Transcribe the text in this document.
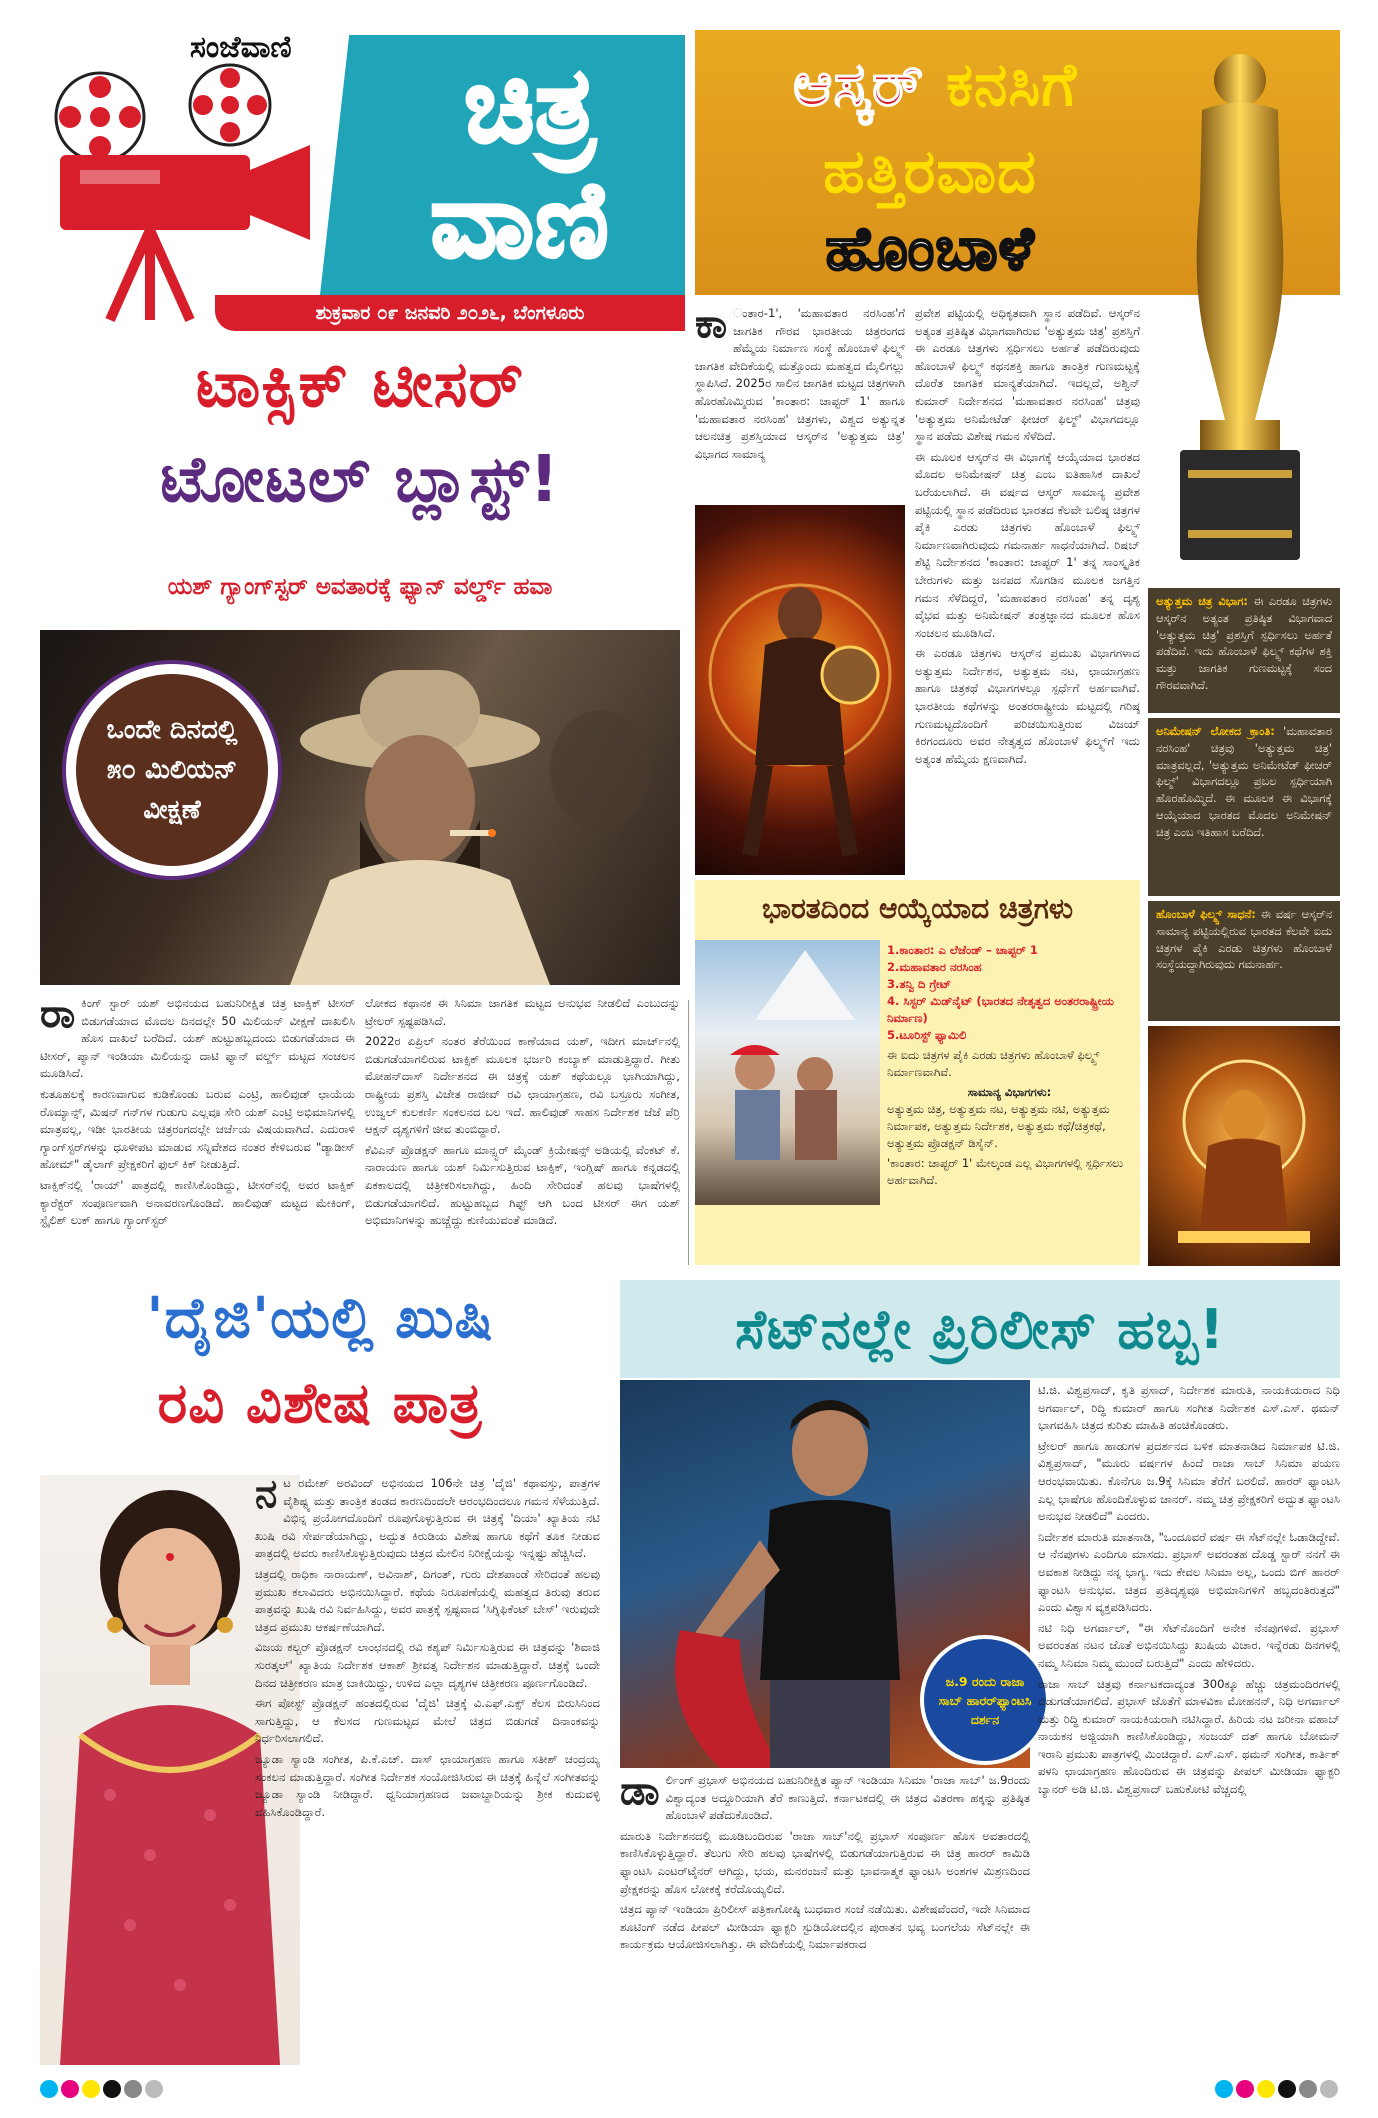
ಸಂಜೆವಾಣಿ	ಚಿತ್ರ
ವಾಣಿ
ಶುಕ್ರವಾರ ೦೯ ಜನವರಿ ೨೦೨೬, ಬೆಂಗಳೂರು
ಟಾಕ್ಸಿಕ್ ಟೀಸರ್
ಟೋಟಲ್ ಬ್ಲಾಸ್ಟ್!
ಯಶ್ ಗ್ಯಾಂಗ್‌ಸ್ಟರ್ ಅವತಾರಕ್ಕೆ ಫ್ಯಾನ್ ವರ್ಲ್ಡ್ ಹವಾ
ಒಂದೇ ದಿನದಲ್ಲಿ ೫೦ ಮಿಲಿಯನ್ ವೀಕ್ಷಣೆ
ರಾ ಕಿಂಗ್ ಸ್ಟಾರ್ ಯಶ್ ಅಭಿನಯದ ಬಹುನಿರೀಕ್ಷಿತ ಚಿತ್ರ ಟಾಕ್ಸಿಕ್ ಟೀಸರ್ ಬಿಡುಗಡೆಯಾದ ಮೊದಲ ದಿನದಲ್ಲೇ 50 ಮಿಲಿಯನ್ ವೀಕ್ಷಣೆ ದಾಖಲಿಸಿ ಹೊಸ ದಾಖಲೆ ಬರೆದಿದೆ. ಯಶ್ ಹುಟ್ಟುಹಬ್ಬದಂದು ಬಿಡುಗಡೆಯಾದ ಈ ಟೀಸರ್, ಪ್ಯಾನ್ ಇಂಡಿಯಾ ಮಿಲಿಯನ್ನು ದಾಟಿ ಫ್ಯಾನ್ ವರ್ಲ್ಡ್ ಮಟ್ಟದ ಸಂಚಲನ ಮೂಡಿಸಿದೆ.

ಕುತೂಹಲಕ್ಕೆ ಕಾರಣವಾಗುವ ಕುಡಿಕೊಂಡು ಬರುವ ಎಂಟ್ರಿ, ಹಾಲಿವುಡ್ ಛಾಯೆಯ ರೊಮ್ಯಾನ್ಸ್, ಮಿಷನ್ ಗನ್‌ಗಳ ಗುಡುಗು ಎಲ್ಲವೂ ಸೇರಿ ಯಶ್ ಎಂಟ್ರಿ ಅಭಿಮಾನಿಗಳಲ್ಲಿ ಮಾತ್ರವಲ್ಲ, ಇಡೀ ಭಾರತೀಯ ಚಿತ್ರರಂಗದಲ್ಲೇ ಚರ್ಚೆಯ ವಿಷಯವಾಗಿದೆ. ಎದುರಾಳಿ ಗ್ಯಾಂಗ್‌ಸ್ಟರ್‌ಗಳನ್ನು ಧೂಳೀಪಟ ಮಾಡುವ ಸನ್ನಿವೇಶದ ನಂತರ ಕೇಳಿಬರುವ "ಡ್ಯಾಡೀಸ್ ಹೋಮ್" ಡೈಲಾಗ್ ಪ್ರೇಕ್ಷಕರಿಗೆ ಫುಲ್ ಕಿಕ್ ನೀಡುತ್ತಿದೆ.

ಟಾಕ್ಸಿಕ್‌ನಲ್ಲಿ 'ರಾಯ್' ಪಾತ್ರದಲ್ಲಿ ಕಾಣಿಸಿಕೊಂಡಿದ್ದು, ಟೀಸರ್‌ನಲ್ಲಿ ಅವರ ಟಾಕ್ಸಿಕ್ ಕ್ಯಾರೆಕ್ಟರ್ ಸಂಪೂರ್ಣವಾಗಿ ಅನಾವರಣಗೊಂಡಿದೆ. ಹಾಲಿವುಡ್ ಮಟ್ಟದ ಮೇಕಿಂಗ್, ಸ್ಟೈಲಿಶ್ ಲುಕ್ ಹಾಗೂ ಗ್ಯಾಂಗ್‌ಸ್ಟರ್

ಲೋಕದ ಕಥಾನಕ ಈ ಸಿನಿಮಾ ಜಾಗತಿಕ ಮಟ್ಟದ ಅನುಭವ ನೀಡಲಿದೆ ಎಂಬುದನ್ನು ಟ್ರೇಲರ್ ಸ್ಪಷ್ಟಪಡಿಸಿದೆ.

2022ರ ಏಪ್ರಿಲ್ ನಂತರ ತೆರೆಯಿಂದ ಕಾಣೆಯಾದ ಯಶ್, ಇದೀಗ ಮಾರ್ಚ್‌ನಲ್ಲಿ ಬಿಡುಗಡೆಯಾಗಲಿರುವ ಟಾಕ್ಸಿಕ್ ಮೂಲಕ ಭರ್ಜರಿ ಕಂಬ್ಯಾಕ್ ಮಾಡುತ್ತಿದ್ದಾರೆ. ಗೀತು ಮೋಹನ್‌ದಾಸ್ ನಿರ್ದೇಶನದ ಈ ಚಿತ್ರಕ್ಕೆ ಯಶ್ ಕಥೆಯಲ್ಲೂ ಭಾಗಿಯಾಗಿದ್ದು, ರಾಷ್ಟ್ರೀಯ ಪ್ರಶಸ್ತಿ ವಿಜೇತ ರಾಜೀವ್ ರವಿ ಛಾಯಾಗ್ರಹಣ, ರವಿ ಬಸ್ರೂರು ಸಂಗೀತ, ಉಜ್ವಲ್ ಕುಲಕರ್ಣಿ ಸಂಕಲನದ ಬಲ ಇದೆ. ಹಾಲಿವುಡ್ ಸಾಹಸ ನಿರ್ದೇಶಕ ಜೆಜೆ ಪೆರ್ರಿ ಆಕ್ಷನ್ ದೃಶ್ಯಗಳಿಗೆ ಜೀವ ತುಂಬಿದ್ದಾರೆ.

ಕೆವಿಎನ್ ಪ್ರೊಡಕ್ಷನ್ ಹಾಗೂ ಮಾನ್ಸ್ಟರ್ ಮೈಂಡ್ ಕ್ರಿಯೇಷನ್ಸ್ ಅಡಿಯಲ್ಲಿ ವೆಂಕಟ್ ಕೆ. ನಾರಾಯಣ ಹಾಗೂ ಯಶ್ ನಿರ್ಮಿಸುತ್ತಿರುವ ಟಾಕ್ಸಿಕ್, ಇಂಗ್ಲಿಷ್ ಹಾಗೂ ಕನ್ನಡದಲ್ಲಿ ಏಕಕಾಲದಲ್ಲಿ ಚಿತ್ರೀಕರಿಸಲಾಗಿದ್ದು, ಹಿಂದಿ ಸೇರಿದಂತೆ ಹಲವು ಭಾಷೆಗಳಲ್ಲಿ ಬಿಡುಗಡೆಯಾಗಲಿದೆ. ಹುಟ್ಟುಹಬ್ಬದ ಗಿಫ್ಟ್ ಆಗಿ ಬಂದ ಟೀಸರ್ ಈಗ ಯಶ್ ಅಭಿಮಾನಿಗಳನ್ನು ಹುಚ್ಚೆದ್ದು ಕುಣಿಯುವಂತೆ ಮಾಡಿದೆ.

ಆಸ್ಕರ್ ಕನಸಿಗೆ
ಹತ್ತಿರವಾದ
ಹೊಂಬಾಳೆ
ಕಾ ಂತಾರ-1', 'ಮಹಾವತಾರ ನರಸಿಂಹ'ಗೆ ಜಾಗತಿಕ ಗೌರವ ಭಾರತೀಯ ಚಿತ್ರರಂಗದ ಹೆಮ್ಮೆಯ ನಿರ್ಮಾಣ ಸಂಸ್ಥೆ ಹೊಂಬಾಳೆ ಫಿಲ್ಮ್ಸ್ ಜಾಗತಿಕ ವೇದಿಕೆಯಲ್ಲಿ ಮತ್ತೊಂದು ಮಹತ್ವದ ಮೈಲಿಗಲ್ಲು ಸ್ಥಾಪಿಸಿದೆ. 2025ರ ಸಾಲಿನ ಜಾಗತಿಕ ಮಟ್ಟದ ಚಿತ್ರಗಳಾಗಿ ಹೊರಹೊಮ್ಮಿರುವ 'ಕಾಂತಾರ: ಚಾಪ್ಟರ್ 1' ಹಾಗೂ 'ಮಹಾವತಾರ ನರಸಿಂಹ' ಚಿತ್ರಗಳು, ವಿಶ್ವದ ಅತ್ಯುನ್ನತ ಚಲನಚಿತ್ರ ಪ್ರಶಸ್ತಿಯಾದ ಆಸ್ಕರ್‌ನ 'ಅತ್ಯುತ್ತಮ ಚಿತ್ರ' ವಿಭಾಗದ ಸಾಮಾನ್ಯ

ಪ್ರವೇಶ ಪಟ್ಟಿಯಲ್ಲಿ ಅಧಿಕೃತವಾಗಿ ಸ್ಥಾನ ಪಡೆದಿವೆ. ಆಸ್ಕರ್‌ನ ಅತ್ಯಂತ ಪ್ರತಿಷ್ಠಿತ ವಿಭಾಗವಾಗಿರುವ 'ಅತ್ಯುತ್ತಮ ಚಿತ್ರ' ಪ್ರಶಸ್ತಿಗೆ ಈ ಎರಡೂ ಚಿತ್ರಗಳು ಸ್ಪರ್ಧಿಸಲು ಅರ್ಹತೆ ಪಡೆದಿರುವುದು ಹೊಂಬಾಳೆ ಫಿಲ್ಮ್ಸ್ ಕಥನಶಕ್ತಿ ಹಾಗೂ ತಾಂತ್ರಿಕ ಗುಣಮಟ್ಟಕ್ಕೆ ದೊರೆತ ಜಾಗತಿಕ ಮಾನ್ಯತೆಯಾಗಿದೆ. ಇದಲ್ಲದೆ, ಅಶ್ವಿನ್ ಕುಮಾರ್ ನಿರ್ದೇಶನದ 'ಮಹಾವತಾರ ನರಸಿಂಹ' ಚಿತ್ರವು 'ಅತ್ಯುತ್ತಮ ಅನಿಮೇಟೆಡ್ ಫೀಚರ್ ಫಿಲ್ಮ್' ವಿಭಾಗದಲ್ಲೂ ಸ್ಥಾನ ಪಡೆದು ವಿಶೇಷ ಗಮನ ಸೆಳೆದಿದೆ.

ಈ ಮೂಲಕ ಆಸ್ಕರ್‌ನ ಈ ವಿಭಾಗಕ್ಕೆ ಆಯ್ಕೆಯಾದ ಭಾರತದ ಮೊದಲ ಅನಿಮೇಷನ್ ಚಿತ್ರ ಎಂಬ ಐತಿಹಾಸಿಕ ದಾಖಲೆ ಬರೆಯಲಾಗಿದೆ. ಈ ವರ್ಷದ ಆಸ್ಕರ್ ಸಾಮಾನ್ಯ ಪ್ರವೇಶ ಪಟ್ಟಿಯಲ್ಲಿ ಸ್ಥಾನ ಪಡೆದಿರುವ ಭಾರತದ ಕೆಲವೇ ಬಲಿಷ್ಠ ಚಿತ್ರಗಳ ಪೈಕಿ ಎರಡು ಚಿತ್ರಗಳು ಹೊಂಬಾಳೆ ಫಿಲ್ಮ್ಸ್ ನಿರ್ಮಾಣವಾಗಿರುವುದು ಗಮನಾರ್ಹ ಸಾಧನೆಯಾಗಿದೆ. ರಿಷಬ್ ಶೆಟ್ಟಿ ನಿರ್ದೇಶನದ 'ಕಾಂತಾರ: ಚಾಪ್ಟರ್ 1' ತನ್ನ ಸಾಂಸ್ಕೃತಿಕ ಬೇರುಗಳು ಮತ್ತು ಜನಪದ ಸೊಗಡಿನ ಮೂಲಕ ಜಗತ್ತಿನ ಗಮನ ಸೆಳೆದಿದ್ದರೆ, 'ಮಹಾವತಾರ ನರಸಿಂಹ' ತನ್ನ ದೃಶ್ಯ ವೈಭವ ಮತ್ತು ಅನಿಮೇಷನ್ ತಂತ್ರಜ್ಞಾನದ ಮೂಲಕ ಹೊಸ ಸಂಚಲನ ಮೂಡಿಸಿದೆ.

ಈ ಎರಡೂ ಚಿತ್ರಗಳು ಆಸ್ಕರ್‌ನ ಪ್ರಮುಖ ವಿಭಾಗಗಳಾದ ಅತ್ಯುತ್ತಮ ನಿರ್ದೇಶನ, ಅತ್ಯುತ್ತಮ ನಟ, ಛಾಯಾಗ್ರಹಣ ಹಾಗೂ ಚಿತ್ರಕಥೆ ವಿಭಾಗಗಳಲ್ಲೂ ಸ್ಪರ್ಧೆಗೆ ಅರ್ಹವಾಗಿವೆ. ಭಾರತೀಯ ಕಥೆಗಳನ್ನು ಅಂತರರಾಷ್ಟ್ರೀಯ ಮಟ್ಟದಲ್ಲಿ ಗರಿಷ್ಠ ಗುಣಮಟ್ಟದೊಂದಿಗೆ ಪರಿಚಯಿಸುತ್ತಿರುವ ವಿಜಯ್ ಕಿರಗಂದೂರು ಅವರ ನೇತೃತ್ವದ ಹೊಂಬಾಳೆ ಫಿಲ್ಮ್ಸ್‌ಗೆ ಇದು ಅತ್ಯಂತ ಹೆಮ್ಮೆಯ ಕ್ಷಣವಾಗಿದೆ.

ಅತ್ಯುತ್ತಮ ಚಿತ್ರ ವಿಭಾಗ: ಈ ಎರಡೂ ಚಿತ್ರಗಳು ಆಸ್ಕರ್‌ನ ಅತ್ಯಂತ ಪ್ರತಿಷ್ಠಿತ ವಿಭಾಗವಾದ 'ಅತ್ಯುತ್ತಮ ಚಿತ್ರ' ಪ್ರಶಸ್ತಿಗೆ ಸ್ಪರ್ಧಿಸಲು ಅರ್ಹತೆ ಪಡೆದಿವೆ. ಇದು ಹೊಂಬಾಳೆ ಫಿಲ್ಮ್ಸ್ ಕಥೆಗಳ ಶಕ್ತಿ ಮತ್ತು ಜಾಗತಿಕ ಗುಣಮಟ್ಟಕ್ಕೆ ಸಂದ ಗೌರವವಾಗಿದೆ.
ಅನಿಮೇಷನ್ ಲೋಕದ ಕ್ರಾಂತಿ: 'ಮಹಾವತಾರ ನರಸಿಂಹ' ಚಿತ್ರವು 'ಅತ್ಯುತ್ತಮ ಚಿತ್ರ' ಮಾತ್ರವಲ್ಲದೆ, 'ಅತ್ಯುತ್ತಮ ಅನಿಮೇಟೆಡ್ ಫೀಚರ್ ಫಿಲ್ಮ್' ವಿಭಾಗದಲ್ಲೂ ಪ್ರಬಲ ಸ್ಪರ್ಧಿಯಾಗಿ ಹೊರಹೊಮ್ಮಿದೆ. ಈ ಮೂಲಕ ಈ ವಿಭಾಗಕ್ಕೆ ಆಯ್ಕೆಯಾದ ಭಾರತದ ಮೊದಲ ಅನಿಮೇಷನ್ ಚಿತ್ರ ಎಂಬ ಇತಿಹಾಸ ಬರೆದಿದೆ.
ಹೊಂಬಾಳೆ ಫಿಲ್ಮ್ಸ್ ಸಾಧನೆ: ಈ ವರ್ಷ ಆಸ್ಕರ್‌ನ ಸಾಮಾನ್ಯ ಪಟ್ಟಿಯಲ್ಲಿರುವ ಭಾರತದ ಕೆಲವೇ ಐದು ಚಿತ್ರಗಳ ಪೈಕಿ ಎರಡು ಚಿತ್ರಗಳು ಹೊಂಬಾಳೆ ಸಂಸ್ಥೆಯದ್ದಾಗಿರುವುದು ಗಮನಾರ್ಹ.
ಭಾರತದಿಂದ ಆಯ್ಕೆಯಾದ ಚಿತ್ರಗಳು
1.ಕಾಂತಾರ: ಎ ಲೆಜೆಂಡ್ – ಚಾಪ್ಟರ್ 1
2.ಮಹಾವತಾರ ನರಸಿಂಹ
3.ತನ್ವಿ ದಿ ಗ್ರೇಟ್
4. ಸಿಸ್ಟರ್ ಮಿಡ್‌ನೈಟ್ (ಭಾರತದ ನೇತೃತ್ವದ ಅಂತರರಾಷ್ಟ್ರೀಯ ನಿರ್ಮಾಣ)
5.ಟೂರಿಸ್ಟ್ ಫ್ಯಾಮಿಲಿ
ಈ ಐದು ಚಿತ್ರಗಳ ಪೈಕಿ ಎರಡು ಚಿತ್ರಗಳು ಹೊಂಬಾಳೆ ಫಿಲ್ಮ್ಸ್ ನಿರ್ಮಾಣವಾಗಿವೆ.
ಸಾಮಾನ್ಯ ವಿಭಾಗಗಳು:
ಅತ್ಯುತ್ತಮ ಚಿತ್ರ, ಅತ್ಯುತ್ತಮ ನಟ, ಅತ್ಯುತ್ತಮ ನಟಿ, ಅತ್ಯುತ್ತಮ ನಿರ್ಮಾಪಕ, ಅತ್ಯುತ್ತಮ ನಿರ್ದೇಶಕ, ಅತ್ಯುತ್ತಮ ಕಥೆ/ಚಿತ್ರಕಥೆ, ಅತ್ಯುತ್ತಮ ಪ್ರೊಡಕ್ಷನ್ ಡಿಸೈನ್.
'ಕಾಂತಾರ: ಚಾಪ್ಟರ್ 1' ಮೇಲ್ಕಂಡ ಎಲ್ಲ ವಿಭಾಗಗಳಲ್ಲಿ ಸ್ಪರ್ಧಿಸಲು ಅರ್ಹವಾಗಿದೆ.
'ದೈಜಿ'ಯಲ್ಲಿ ಖುಷಿ
ರವಿ ವಿಶೇಷ ಪಾತ್ರ
ನ ಟ ರಮೇಶ್ ಅರವಿಂದ್ ಅಭಿನಯದ 106ನೇ ಚಿತ್ರ 'ದೈಜಿ' ಕಥಾವಸ್ತು, ಪಾತ್ರಗಳ ವೈಶಿಷ್ಟ್ಯ ಮತ್ತು ತಾಂತ್ರಿಕ ತಂಡದ ಕಾರಣದಿಂದಲೇ ಆರಂಭದಿಂದಲೂ ಗಮನ ಸೆಳೆಯುತ್ತಿದೆ. ವಿಭಿನ್ನ ಪ್ರಯೋಗದೊಂದಿಗೆ ರೂಪುಗೊಳ್ಳುತ್ತಿರುವ ಈ ಚಿತ್ರಕ್ಕೆ 'ದಿಯಾ' ಖ್ಯಾತಿಯ ನಟಿ ಖುಷಿ ರವಿ ಸೇರ್ಪಡೆಯಾಗಿದ್ದು, ಅದ್ಭುತ ಕಿರುಡಿಯ ವಿಶೇಷ ಹಾಗೂ ಕಥೆಗೆ ತೂಕ ನೀಡುವ ಪಾತ್ರದಲ್ಲಿ ಅವರು ಕಾಣಿಸಿಕೊಳ್ಳುತ್ತಿರುವುದು ಚಿತ್ರದ ಮೇಲಿನ ನಿರೀಕ್ಷೆಯನ್ನು ಇನ್ನಷ್ಟು ಹೆಚ್ಚಿಸಿದೆ.

ಚಿತ್ರದಲ್ಲಿ ರಾಧಿಕಾ ನಾರಾಯಣ್, ಅವಿನಾಶ್, ದಿಗಂತ್, ಗುರು ದೇಶಪಾಂಡೆ ಸೇರಿದಂತೆ ಹಲವು ಪ್ರಮುಖ ಕಲಾವಿದರು ಅಭಿನಯಿಸಿದ್ದಾರೆ. ಕಥೆಯ ನಿರೂಪಣೆಯಲ್ಲಿ ಮಹತ್ವದ ತಿರುವು ತರುವ ಪಾತ್ರವನ್ನು ಖುಷಿ ರವಿ ನಿರ್ವಹಿಸಿದ್ದು, ಅವರ ಪಾತ್ರಕ್ಕೆ ಸ್ಪಷ್ಟವಾದ 'ಸಿಗ್ನಿಫಿಕೆಂಟ್ ಬೇಸ್' ಇರುವುದೇ ಚಿತ್ರದ ಪ್ರಮುಖ ಆಕರ್ಷಣೆಯಾಗಿದೆ.

ವಿಜಯ ಕಲ್ಚರ್ ಪ್ರೊಡಕ್ಷನ್ ಲಾಂಛನದಲ್ಲಿ ರವಿ ಕಶ್ಯಪ್ ನಿರ್ಮಿಸುತ್ತಿರುವ ಈ ಚಿತ್ರವನ್ನು 'ಶಿವಾಜಿ ಸುರತ್ಕಲ್' ಖ್ಯಾತಿಯ ನಿರ್ದೇಶಕ ಆಕಾಶ್ ಶ್ರೀವತ್ಸ ನಿರ್ದೇಶನ ಮಾಡುತ್ತಿದ್ದಾರೆ. ಚಿತ್ರಕ್ಕೆ ಒಂದೇ ದಿನದ ಚಿತ್ರೀಕರಣ ಮಾತ್ರ ಬಾಕಿಯಿದ್ದು, ಉಳಿದ ಎಲ್ಲಾ ದೃಶ್ಯಗಳ ಚಿತ್ರೀಕರಣ ಪೂರ್ಣಗೊಂಡಿದೆ.

ಈಗ ಪೋಸ್ಟ್ ಪ್ರೊಡಕ್ಷನ್ ಹಂತದಲ್ಲಿರುವ 'ದೈಜಿ' ಚಿತ್ರಕ್ಕೆ ವಿ.ಎಫ್.ಎಕ್ಸ್ ಕೆಲಸ ಬಿರುಸಿನಿಂದ ಸಾಗುತ್ತಿದ್ದು, ಆ ಕೆಲಸದ ಗುಣಮಟ್ಟದ ಮೇಲೆ ಚಿತ್ರದ ಬಿಡುಗಡೆ ದಿನಾಂಕವನ್ನು ನಿರ್ಧರಿಸಲಾಗಲಿದೆ.

ಜ್ಯೂಡಾ ಸ್ಯಾಂಡಿ ಸಂಗೀತ, ಪಿ.ಕೆ.ಎಚ್. ದಾಸ್ ಛಾಯಾಗ್ರಹಣ ಹಾಗೂ ಸತೀಶ್ ಚಂದ್ರಯ್ಯ ಸಂಕಲನ ಮಾಡುತ್ತಿದ್ದಾರೆ. ಸಂಗೀತ ನಿರ್ದೇಶಕ ಸಂಯೋಜಿಸಿರುವ ಈ ಚಿತ್ರಕ್ಕೆ ಹಿನ್ನೆಲೆ ಸಂಗೀತವನ್ನು ಜ್ಯೂಡಾ ಸ್ಯಾಂಡಿ ನೀಡಿದ್ದಾರೆ. ಧ್ವನಿಯಾಗ್ರಹಣದ ಜವಾಬ್ದಾರಿಯನ್ನು ಶ್ರೀಕ ಕುದುವಳ್ಳಿ ವಹಿಸಿಕೊಂಡಿದ್ದಾರೆ.

ಸೆಟ್‌ನಲ್ಲೇ ಪ್ರಿರಿಲೀಸ್ ಹಬ್ಬ!
ಜ.9 ರಂದು ರಾಜಾ ಸಾಬ್ ಹಾರರ್‌ಫ್ಯಾಂಟಸಿ ದರ್ಶನ
ಡಾ ರ್ಲಿಂಗ್ ಪ್ರಭಾಸ್ ಅಭಿನಯದ ಬಹುನಿರೀಕ್ಷಿತ ಪ್ಯಾನ್ ಇಂಡಿಯಾ ಸಿನಿಮಾ 'ರಾಜಾ ಸಾಬ್' ಜ.9ರಂದು ವಿಶ್ವಾದ್ಯಂತ ಅದ್ದೂರಿಯಾಗಿ ತೆರೆ ಕಾಣುತ್ತಿದೆ. ಕರ್ನಾಟಕದಲ್ಲಿ ಈ ಚಿತ್ರದ ವಿತರಣಾ ಹಕ್ಕನ್ನು ಪ್ರತಿಷ್ಠಿತ ಹೊಂಬಾಳೆ ಪಡೆದುಕೊಂಡಿದೆ.

ಮಾರುತಿ ನಿರ್ದೇಶನದಲ್ಲಿ ಮೂಡಿಬಂದಿರುವ 'ರಾಜಾ ಸಾಬ್'ನಲ್ಲಿ ಪ್ರಭಾಸ್ ಸಂಪೂರ್ಣ ಹೊಸ ಅವತಾರದಲ್ಲಿ ಕಾಣಿಸಿಕೊಳ್ಳುತ್ತಿದ್ದಾರೆ. ತೆಲುಗು ಸೇರಿ ಹಲವು ಭಾಷೆಗಳಲ್ಲಿ ಬಿಡುಗಡೆಯಾಗುತ್ತಿರುವ ಈ ಚಿತ್ರ ಹಾರರ್ ಕಾಮಿಡಿ ಫ್ಯಾಂಟಸಿ ಎಂಟರ್‌ಟೈನರ್ ಆಗಿದ್ದು, ಭಯ, ಮನರಂಜನೆ ಮತ್ತು ಭಾವನಾತ್ಮಕ ಫ್ಯಾಂಟಸಿ ಅಂಶಗಳ ಮಿಶ್ರಣದಿಂದ ಪ್ರೇಕ್ಷಕರನ್ನು ಹೊಸ ಲೋಕಕ್ಕೆ ಕರೆದೊಯ್ಯಲಿದೆ.

ಚಿತ್ರದ ಪ್ಯಾನ್ ಇಂಡಿಯಾ ಪ್ರಿರಿಲೀಸ್ ಪತ್ರಿಕಾಗೋಷ್ಠಿ ಬುಧವಾರ ಸಂಜೆ ನಡೆಯಿತು. ವಿಶೇಷವೆಂದರೆ, ಇದೇ ಸಿನಿಮಾದ ಶೂಟಿಂಗ್ ನಡೆದ ಪೀಪಲ್ ಮೀಡಿಯಾ ಫ್ಯಾಕ್ಟರಿ ಸ್ಟುಡಿಯೋದಲ್ಲಿನ ಪುರಾತನ ಭವ್ಯ ಬಂಗಲೆಯ ಸೆಟ್‌ನಲ್ಲೇ ಈ ಕಾರ್ಯಕ್ರಮ ಆಯೋಜಿಸಲಾಗಿತ್ತು. ಈ ವೇದಿಕೆಯಲ್ಲಿ ನಿರ್ಮಾಪಕರಾದ

ಟಿ.ಜಿ. ವಿಶ್ವಪ್ರಸಾದ್, ಕೃತಿ ಪ್ರಸಾದ್, ನಿರ್ದೇಶಕ ಮಾರುತಿ, ನಾಯಕಿಯರಾದ ನಿಧಿ ಅಗರ್ವಾಲ್, ರಿದ್ಧಿ ಕುಮಾರ್ ಹಾಗೂ ಸಂಗೀತ ನಿರ್ದೇಶಕ ಎಸ್.ಎಸ್. ಥಮನ್ ಭಾಗವಹಿಸಿ ಚಿತ್ರದ ಕುರಿತು ಮಾಹಿತಿ ಹಂಚಿಕೊಂಡರು.

ಟ್ರೇಲರ್ ಹಾಗೂ ಹಾಡುಗಳ ಪ್ರದರ್ಶನದ ಬಳಿಕ ಮಾತನಾಡಿದ ನಿರ್ಮಾಪಕ ಟಿ.ಜಿ. ವಿಶ್ವಪ್ರಸಾದ್, "ಮೂರು ವರ್ಷಗಳ ಹಿಂದೆ ರಾಜಾ ಸಾಬ್ ಸಿನಿಮಾ ಪಯಣ ಆರಂಭವಾಯಿತು. ಕೊನೆಗೂ ಜ.9ಕ್ಕೆ ಸಿನಿಮಾ ತೆರೆಗೆ ಬರಲಿದೆ. ಹಾರರ್ ಫ್ಯಾಂಟಸಿ ಎಲ್ಲ ಭಾಷೆಗೂ ಹೊಂದಿಕೊಳ್ಳುವ ಜಾನರ್. ನಮ್ಮ ಚಿತ್ರ ಪ್ರೇಕ್ಷಕರಿಗೆ ಅದ್ಭುತ ಫ್ಯಾಂಟಸಿ ಅನುಭವ ನೀಡಲಿದೆ" ಎಂದರು.

ನಿರ್ದೇಶಕ ಮಾರುತಿ ಮಾತನಾಡಿ, "ಒಂದೂವರೆ ವರ್ಷ ಈ ಸೆಟ್‌ನಲ್ಲೇ ಓಡಾಡಿದ್ದೇವೆ. ಆ ನೆನಪುಗಳು ಎಂದಿಗೂ ಮಾಸದು. ಪ್ರಭಾಸ್ ಅವರಂತಹ ದೊಡ್ಡ ಸ್ಟಾರ್ ನನಗೆ ಈ ಅವಕಾಶ ನೀಡಿದ್ದು ನನ್ನ ಭಾಗ್ಯ. ಇದು ಕೇವಲ ಸಿನಿಮಾ ಅಲ್ಲ, ಒಂದು ಬಿಗ್ ಹಾರರ್ ಫ್ಯಾಂಟಸಿ ಅನುಭವ. ಚಿತ್ರದ ಪ್ರತಿದೃಶ್ಯವೂ ಅಭಿಮಾನಿಗಳಿಗೆ ಹಬ್ಬದಂತಿರುತ್ತದೆ" ಎಂದು ವಿಶ್ವಾಸ ವ್ಯಕ್ತಪಡಿಸಿದರು.

ನಟಿ ನಿಧಿ ಅಗರ್ವಾಲ್, "ಈ ಸೆಟ್‌ನೊಂದಿಗೆ ಅನೇಕ ನೆನಪುಗಳಿವೆ. ಪ್ರಭಾಸ್ ಅವರಂತಹ ನಟನ ಜೊತೆ ಅಭಿನಯಿಸಿದ್ದು ಖುಷಿಯ ವಿಚಾರ. ಇನ್ನೆರಡು ದಿನಗಳಲ್ಲಿ ನಮ್ಮ ಸಿನಿಮಾ ನಿಮ್ಮ ಮುಂದೆ ಬರುತ್ತಿದೆ" ಎಂದು ಹೇಳಿದರು.

ರಾಜಾ ಸಾಬ್ ಚಿತ್ರವು ಕರ್ನಾಟಕದಾದ್ಯಂತ 300ಕ್ಕೂ ಹೆಚ್ಚು ಚಿತ್ರಮಂದಿರಗಳಲ್ಲಿ ಬಿಡುಗಡೆಯಾಗಲಿದೆ. ಪ್ರಭಾಸ್ ಜೊತೆಗೆ ಮಾಳವಿಕಾ ಮೋಹನನ್, ನಿಧಿ ಅಗರ್ವಾಲ್ ಮತ್ತು ರಿದ್ಧಿ ಕುಮಾರ್ ನಾಯಕಿಯರಾಗಿ ನಟಿಸಿದ್ದಾರೆ. ಹಿರಿಯ ನಟ ಜರೀನಾ ವಹಾಬ್ ನಾಯಕನ ಅಜ್ಜಿಯಾಗಿ ಕಾಣಿಸಿಕೊಂಡಿದ್ದು, ಸಂಜಯ್ ದತ್ ಹಾಗೂ ಬೋಮನ್ ಇರಾನಿ ಪ್ರಮುಖ ಪಾತ್ರಗಳಲ್ಲಿ ಮಿಂಚಿದ್ದಾರೆ. ಎಸ್.ಎಸ್. ಥಮನ್ ಸಂಗೀತ, ಕಾರ್ತಿಕ್ ಪಳನಿ ಛಾಯಾಗ್ರಹಣ ಹೊಂದಿರುವ ಈ ಚಿತ್ರವನ್ನು ಪೀಪಲ್ ಮೀಡಿಯಾ ಫ್ಯಾಕ್ಟರಿ ಬ್ಯಾನರ್ ಅಡಿ ಟಿ.ಜಿ. ವಿಶ್ವಪ್ರಸಾದ್ ಬಹುಕೋಟಿ ವೆಚ್ಚದಲ್ಲಿ
